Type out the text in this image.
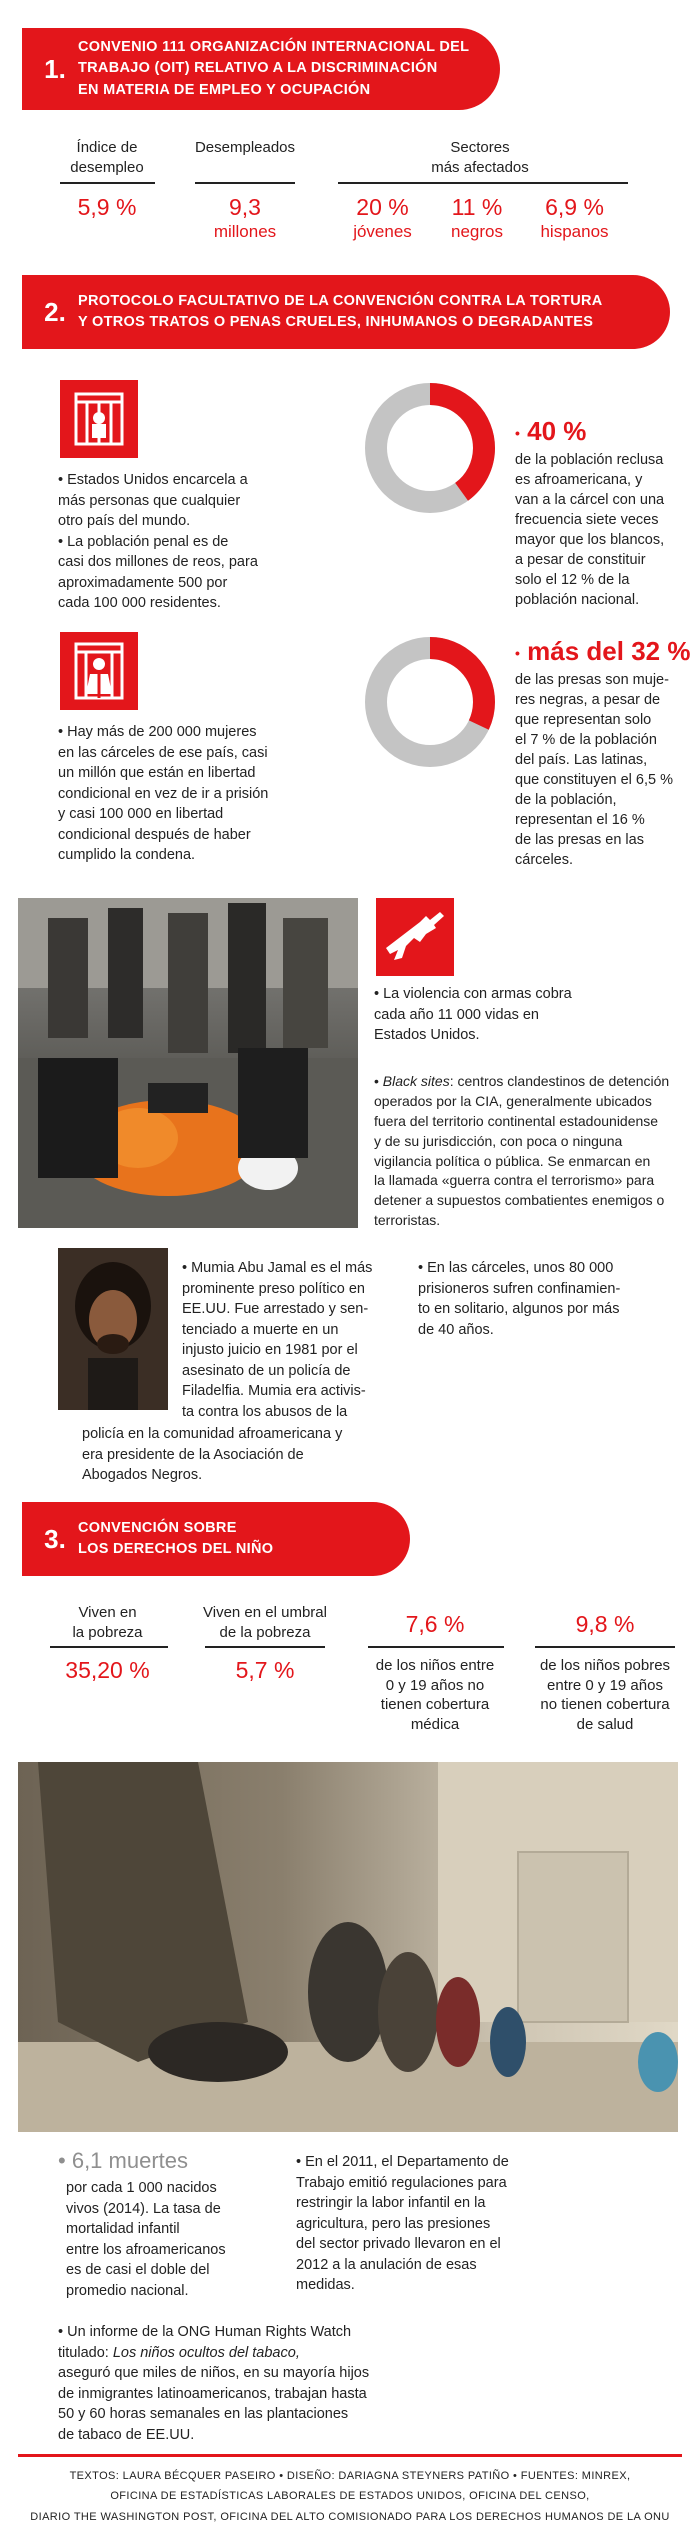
1.
CONVENIO 111 ORGANIZACIÓN INTERNACIONAL DEL
TRABAJO (OIT) RELATIVO A LA DISCRIMINACIÓN
EN MATERIA DE EMPLEO Y OCUPACIÓN
Índice de
desempleo
5,9 %
Desempleados
9,3
millones
Sectores
más afectados
20 %
jóvenes
11 %
negros
6,9 %
hispanos
2. PROTOCOLO FACULTATIVO DE LA CONVENCIÓN CONTRA LA TORTURA
Y OTROS TRATOS O PENAS CRUELES, INHUMANOS O DEGRADANTES
• Estados Unidos encarcela a
más personas que cualquier
otro país del mundo.
• La población penal es de
casi dos millones de reos, para
aproximadamente 500 por
cada 100 000 residentes.
• 40 %
de la población reclusa
es afroamericana, y
van a la cárcel con una
frecuencia siete veces
mayor que los blancos,
a pesar de constituir
solo el 12 % de la
población nacional.
• Hay más de 200 000 mujeres
en las cárceles de ese país, casi
un millón que están en libertad
condicional en vez de ir a prisión
y casi 100 000 en libertad
condicional después de haber
cumplido la condena.
• más del 32 %
de las presas son muje-
res negras, a pesar de
que representan solo
el 7 % de la población
del país. Las latinas,
que constituyen el 6,5 %
de la población,
representan el 16 %
de las presas en las
cárceles.
• La violencia con armas cobra
cada año 11 000 vidas en
Estados Unidos.
• Black sites: centros clandestinos de detención
operados por la CIA, generalmente ubicados
fuera del territorio continental estadounidense
y de su jurisdicción, con poca o ninguna
vigilancia política o pública. Se enmarcan en
la llamada «guerra contra el terrorismo» para
detener a supuestos combatientes enemigos o
terroristas.
• Mumia Abu Jamal es el más
prominente preso político en
EE.UU. Fue arrestado y sen-
tenciado a muerte en un
injusto juicio en 1981 por el
asesinato de un policía de
Filadelfia. Mumia era activis-
ta contra los abusos de la
policía en la comunidad afroamericana y
era presidente de la Asociación de
Abogados Negros.
• En las cárceles, unos 80 000
prisioneros sufren confinamien-
to en solitario, algunos por más
de 40 años.
3. CONVENCIÓN SOBRE
LOS DERECHOS DEL NIÑO
Viven en
la pobreza
35,20 %
Viven en el umbral
de la pobreza
5,7 %
7,6 %
de los niños entre
0 y 19 años no
tienen cobertura
médica
9,8 %
de los niños pobres
entre 0 y 19 años
no tienen cobertura
de salud
• 6,1 muertes
por cada 1 000 nacidos
vivos (2014). La tasa de
mortalidad infantil
entre los afroamericanos
es de casi el doble del
promedio nacional.
• En el 2011, el Departamento de
Trabajo emitió regulaciones para
restringir la labor infantil en la
agricultura, pero las presiones
del sector privado llevaron en el
2012 a la anulación de esas
medidas.
• Un informe de la ONG Human Rights Watch
titulado: Los niños ocultos del tabaco,
aseguró que miles de niños, en su mayoría hijos
de inmigrantes latinoamericanos, trabajan hasta
50 y 60 horas semanales en las plantaciones
de tabaco de EE.UU.
TEXTOS: LAURA BÉCQUER PASEIRO • DISEÑO: DARIAGNA STEYNERS PATIÑO • FUENTES: MINREX,
OFICINA DE ESTADÍSTICAS LABORALES DE ESTADOS UNIDOS, OFICINA DEL CENSO,
DIARIO THE WASHINGTON POST, OFICINA DEL ALTO COMISIONADO PARA LOS DERECHOS HUMANOS DE LA ONU
